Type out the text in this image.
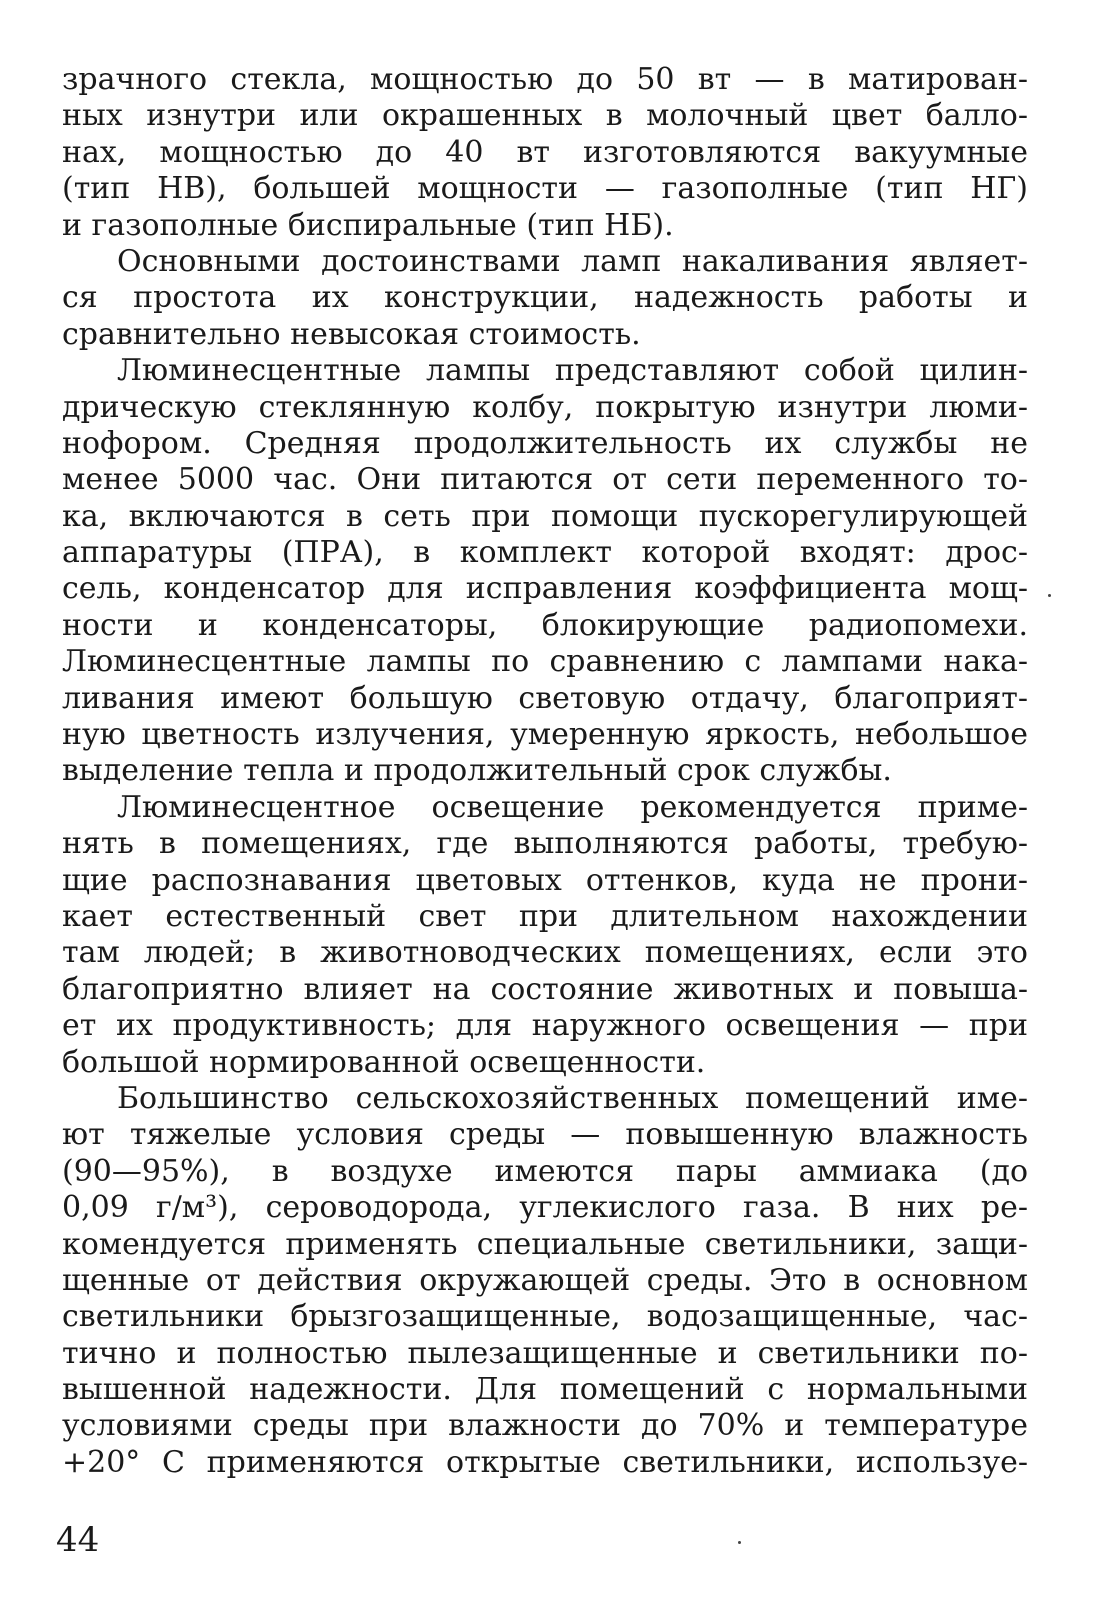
зрачного стекла, мощностью до 50 вт — в матирован-
ных изнутри или окрашенных в молочный цвет балло-
нах, мощностью до 40 вт изготовляются вакуумные
(тип НВ), большей мощности — газополные (тип НГ)
и газополные биспиральные (тип НБ).
Основными достоинствами ламп накаливания являет-
ся простота их конструкции, надежность работы и
сравнительно невысокая стоимость.
Люминесцентные лампы представляют собой цилин-
дрическую стеклянную колбу, покрытую изнутри люми-
нофором. Средняя продолжительность их службы не
менее 5000 час. Они питаются от сети переменного то-
ка, включаются в сеть при помощи пускорегулирующей
аппаратуры (ПРА), в комплект которой входят: дрос-
сель, конденсатор для исправления коэффициента мощ-
ности и конденсаторы, блокирующие радиопомехи.
Люминесцентные лампы по сравнению с лампами нака-
ливания имеют большую световую отдачу, благоприят-
ную цветность излучения, умеренную яркость, небольшое
выделение тепла и продолжительный срок службы.
Люминесцентное освещение рекомендуется приме-
нять в помещениях, где выполняются работы, требую-
щие распознавания цветовых оттенков, куда не прони-
кает естественный свет при длительном нахождении
там людей; в животноводческих помещениях, если это
благоприятно влияет на состояние животных и повыша-
ет их продуктивность; для наружного освещения — при
большой нормированной освещенности.
Большинство сельскохозяйственных помещений име-
ют тяжелые условия среды — повышенную влажность
(90—95%), в воздухе имеются пары аммиака (до
0,09 г/м³), сероводорода, углекислого газа. В них ре-
комендуется применять специальные светильники, защи-
щенные от действия окружающей среды. Это в основном
светильники брызгозащищенные, водозащищенные, час-
тично и полностью пылезащищенные и светильники по-
вышенной надежности. Для помещений с нормальными
условиями среды при влажности до 70% и температуре
+20° С применяются открытые светильники, используе-
44
